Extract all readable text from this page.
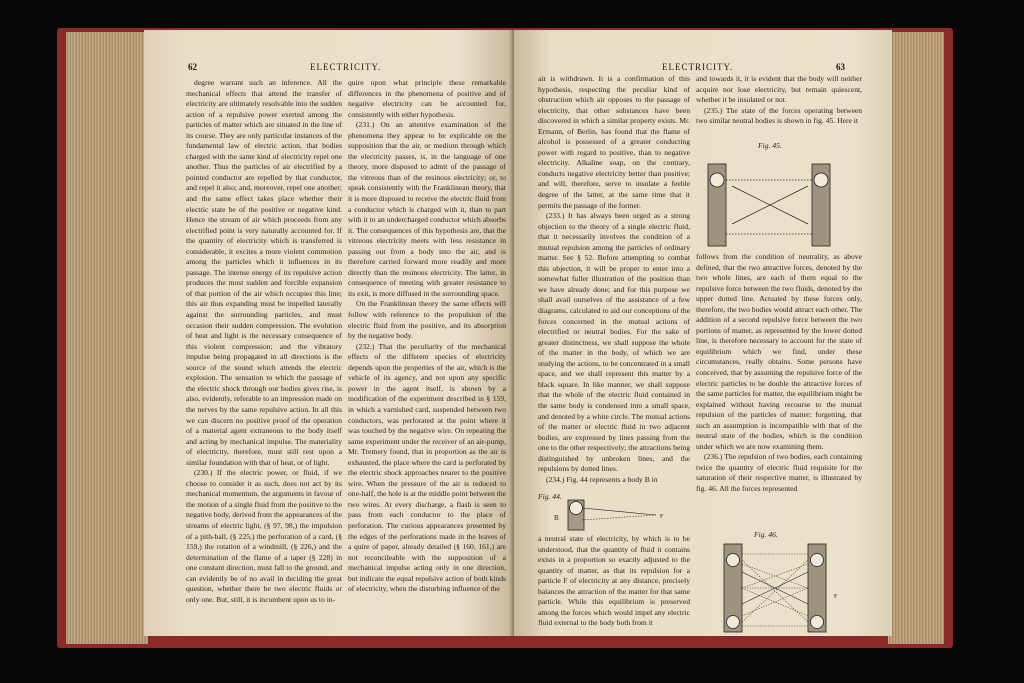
62	ELECTRICITY.

degree warrant such an inference. All the mechanical effects that attend the transfer of electricity are ultimately resolvable into the sudden action of a repulsive power exerted among the particles of matter which are situated in the line of its course. They are only particular instances of the fundamental law of electric action, that bodies charged with the same kind of electricity repel one another. Thus the particles of air electrified by a pointed conductor are repelled by that conductor, and repel it also; and, moreover, repel one another; and the same effect takes place whether their electric state be of the positive or negative kind. Hence the stream of air which proceeds from any electrified point is very naturally accounted for. If the quantity of electricity which is transferred is considerable, it excites a more violent commotion among the particles which it influences in its passage. The intense energy of its repulsive action produces the most sudden and forcible expansion of that portion of the air which occupies this line; this air thus expanding must be impelled laterally against the surrounding particles, and must occasion their sudden compression. The evolution of heat and light is the necessary consequence of this violent compression; and the vibratory impulse being propagated in all directions is the source of the sound which attends the electric explosion. The sensation to which the passage of the electric shock through our bodies gives rise, is also, evidently, referable to an impression made on the nerves by the same repulsive action. In all this we can discern no positive proof of the operation of a material agent extraneous to the body itself and acting by mechanical impulse. The materiality of electricity, therefore, must still rest upon a similar foundation with that of heat, or of light.

(230.) If the electric power, or fluid, if we choose to consider it as such, does not act by its mechanical momentum, the arguments in favour of the motion of a single fluid from the positive to the negative body, derived from the appearances of the streams of electric light, (§ 97, 98,) the impulsion of a pith-ball, (§ 225,) the perforation of a card, (§ 159,) the rotation of a windmill, (§ 226,) and the determination of the flame of a taper (§ 228) in one constant direction, must fall to the ground, and can evidently be of no avail in deciding the great question, whether there be two electric fluids or only one. But, still, it is incumbent upon us to in-

quire upon what principle these remarkable differences in the phenomena of positive and of negative electricity can be accounted for, consistently with either hypothesis.

(231.) On an attentive examination of the phenomena they appear to be explicable on the supposition that the air, or medium through which the electricity passes, is, in the language of one theory, more disposed to admit of the passage of the vitreous than of the resinous electricity; or, to speak consistently with the Franklinean theory, that it is more disposed to receive the electric fluid from a conductor which is charged with it, than to part with it to an undercharged conductor which absorbs it. The consequences of this hypothesis are, that the vitreous electricity meets with less resistance in passing out from a body into the air, and is therefore carried forward more readily and more directly than the resinous electricity. The latter, in consequence of meeting with greater resistance to its exit, is more diffused in the surrounding space.

On the Franklinean theory the same effects will follow with reference to the propulsion of the electric fluid from the positive, and its absorption by the negative body.

(232.) That the peculiarity of the mechanical effects of the different species of electricity depends upon the properties of the air, which is the vehicle of its agency, and not upon any specific power in the agent itself, is shown by a modification of the experiment described in § 159, in which a varnished card, suspended between two conductors, was perforated at the point where it was touched by the negative wire. On repeating the same experiment under the receiver of an air-pump, Mr. Tremery found, that in proportion as the air is exhausted, the place where the card is perforated by the electric shock approaches nearer to the positive wire. When the pressure of the air is reduced to one-half, the hole is at the middle point between the two wires. At every discharge, a flash is seen to pass from each conductor to the place of perforation. The curious appearances presented by the edges of the perforations made in the leaves of a quire of paper, already detailed (§ 160, 161,) are not reconcileable with the supposition of a mechanical impulse acting only in one direction, but indicate the equal repulsive action of both kinds of electricity, when the disturbing influence of the

ELECTRICITY.	63

air is withdrawn. It is a confirmation of this hypothesis, respecting the peculiar kind of obstruction which air opposes to the passage of electricity, that other substances have been discovered in which a similar property exists. Mr. Ermann, of Berlin, has found that the flame of alcohol is possessed of a greater conducting power with regard to positive, than to negative electricity. Alkaline soap, on the contrary, conducts negative electricity better than positive; and will, therefore, serve to insulate a feeble degree of the latter, at the same time that it permits the passage of the former.

(233.) It has always been urged as a strong objection to the theory of a single electric fluid, that it necessarily involves the condition of a mutual repulsion among the particles of ordinary matter. See § 52. Before attempting to combat this objection, it will be proper to enter into a somewhat fuller illustration of the position than we have already done; and for this purpose we shall avail ourselves of the assistance of a few diagrams, calculated to aid our conceptions of the forces concerned in the mutual actions of electrified or neutral bodies. For the sake of greater distinctness, we shall suppose the whole of the matter in the body, of which we are studying the actions, to be concentrated in a small space, and we shall represent this matter by a black square. In like manner, we shall suppose that the whole of the electric fluid contained in the same body is condensed into a small space, and denoted by a white circle. The mutual actions of the matter or electric fluid in two adjacent bodies, are expressed by lines passing from the one to the other respectively; the attractions being distinguished by unbroken lines, and the repulsions by dotted lines.

(234.) Fig. 44 represents a body B in

Fig. 44.
B	F

a neutral state of electricity, by which is to be understood, that the quantity of fluid it contains exists in a proportion so exactly adjusted to the quantity of matter, as that its repulsion for a particle F of electricity at any distance, precisely balances the attraction of the matter for that same particle. While this equilibrium is preserved among the forces which would impel any electric fluid external to the body both from it

and towards it, it is evident that the body will neither acquire nor lose electricity, but remain quiescent, whether it be insulated or not.

(235.) The state of the forces operating between two similar neutral bodies is shown in fig. 45. Here it

Fig. 45.

follows from the condition of neutrality, as above defined, that the two attractive forces, denoted by the two whole lines, are each of them equal to the repulsive force between the two fluids, denoted by the upper dotted line. Actuated by these forces only, therefore, the two bodies would attract each other. The addition of a second repulsive force between the two portions of matter, as represented by the lower dotted line, is therefore necessary to account for the state of equilibrium which we find, under these circumstances, really obtains. Some persons have conceived, that by assuming the repulsive force of the electric particles to be double the attractive forces of the same particles for matter, the equilibrium might be explained without having recourse to the mutual repulsion of the particles of matter: forgetting, that such an assumption is incompatible with that of the neutral state of the bodies, which is the condition under which we are now examining them.

(236.) The repulsion of two bodies, each containing twice the quantity of electric fluid requisite for the saturation of their respective matter, is illustrated by fig. 46. All the forces represented

Fig. 46.
F
